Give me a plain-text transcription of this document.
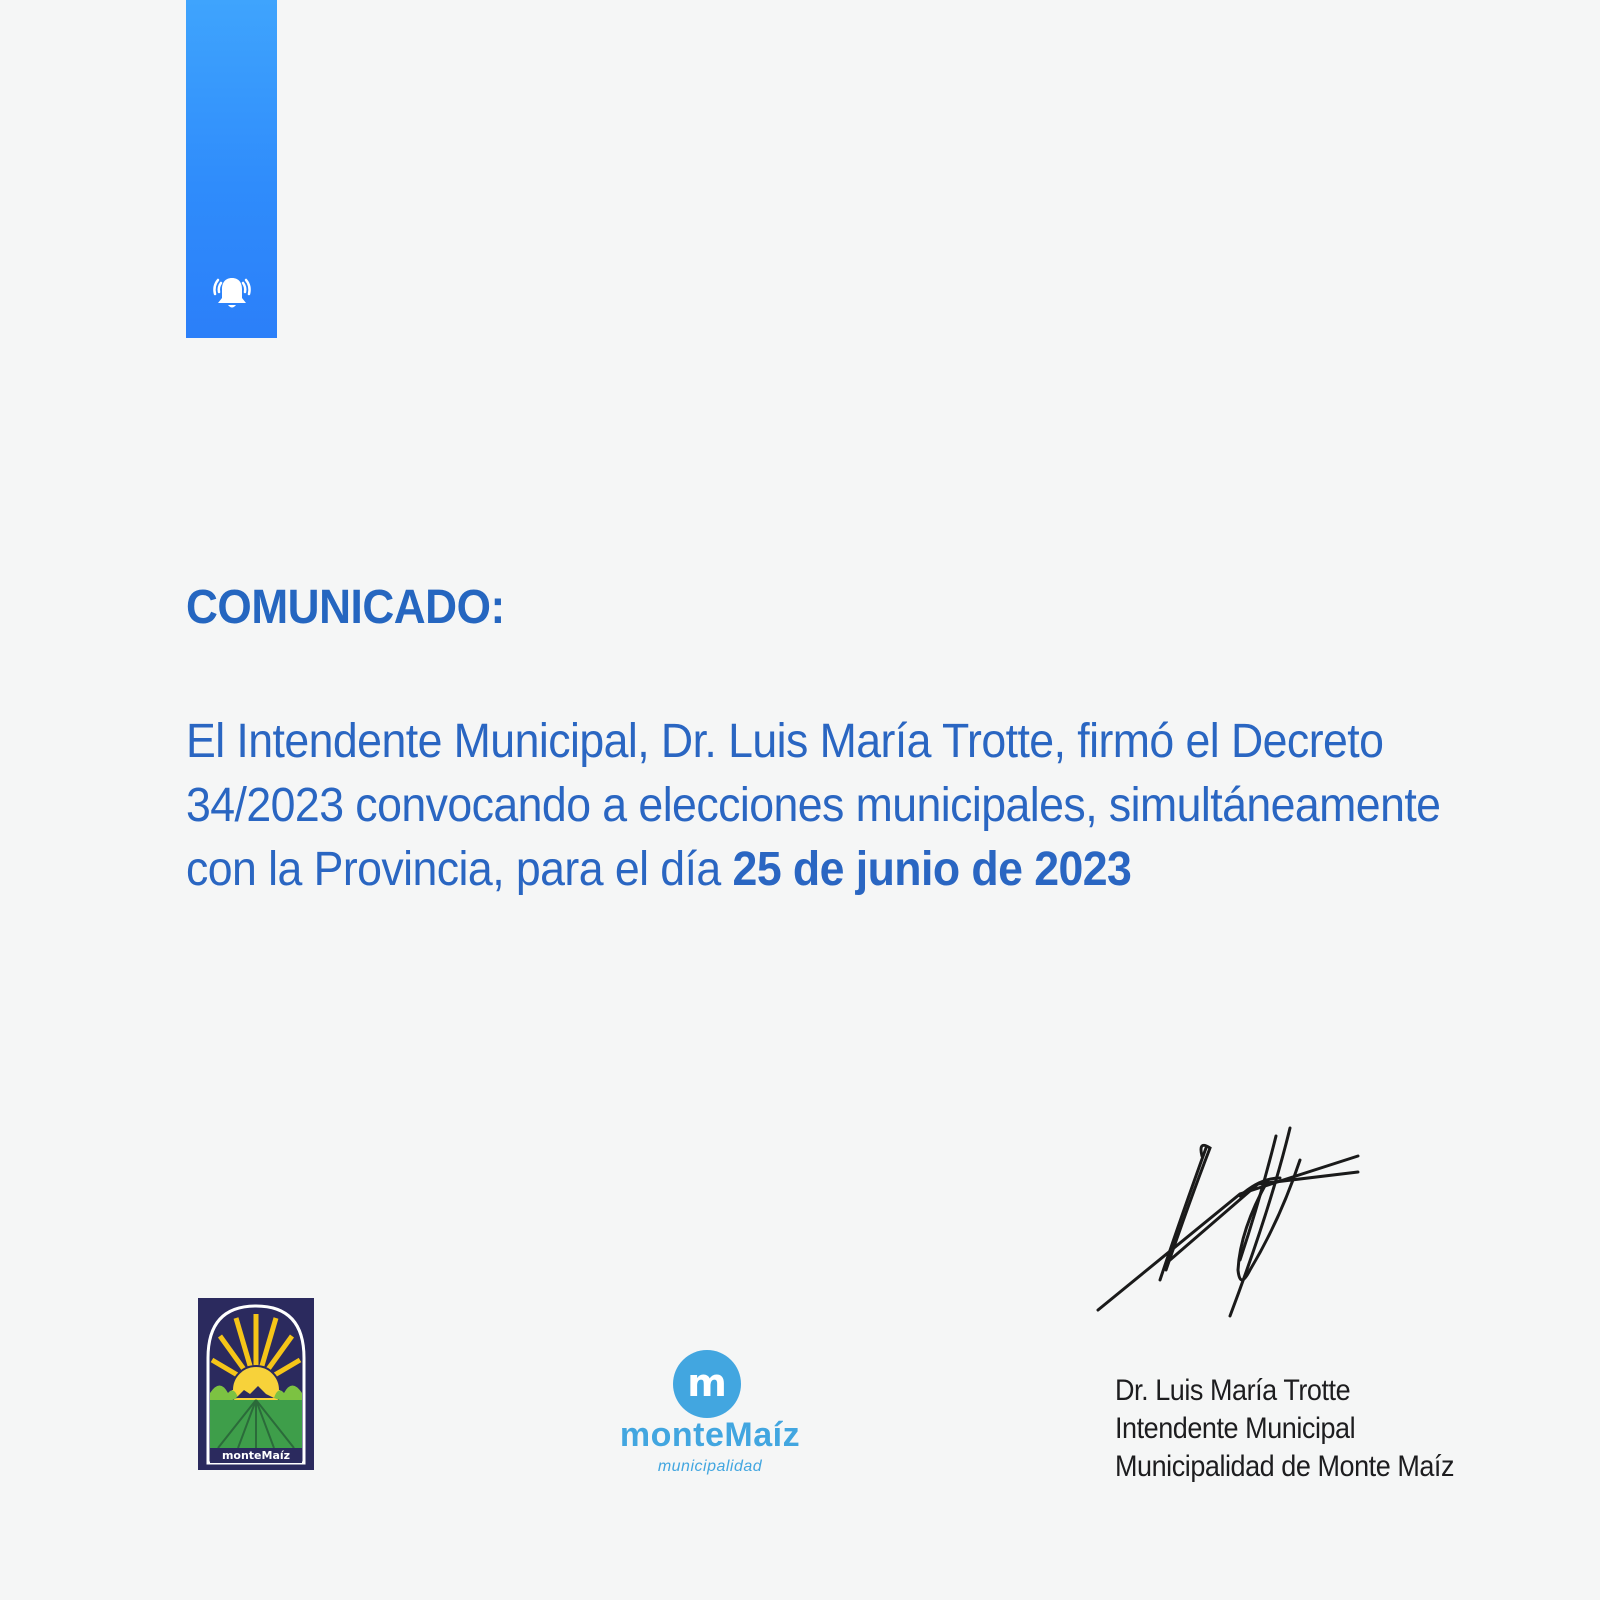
COMUNICADO:

El Intendente Municipal, Dr. Luis María Trotte, firmó el Decreto
34/2023 convocando a elecciones municipales, simultáneamente
con la Provincia, para el día 25 de junio de 2023

monteMaíz
m
monteMaíz
municipalidad
Dr. Luis María Trotte
Intendente Municipal
Municipalidad de Monte Maíz
